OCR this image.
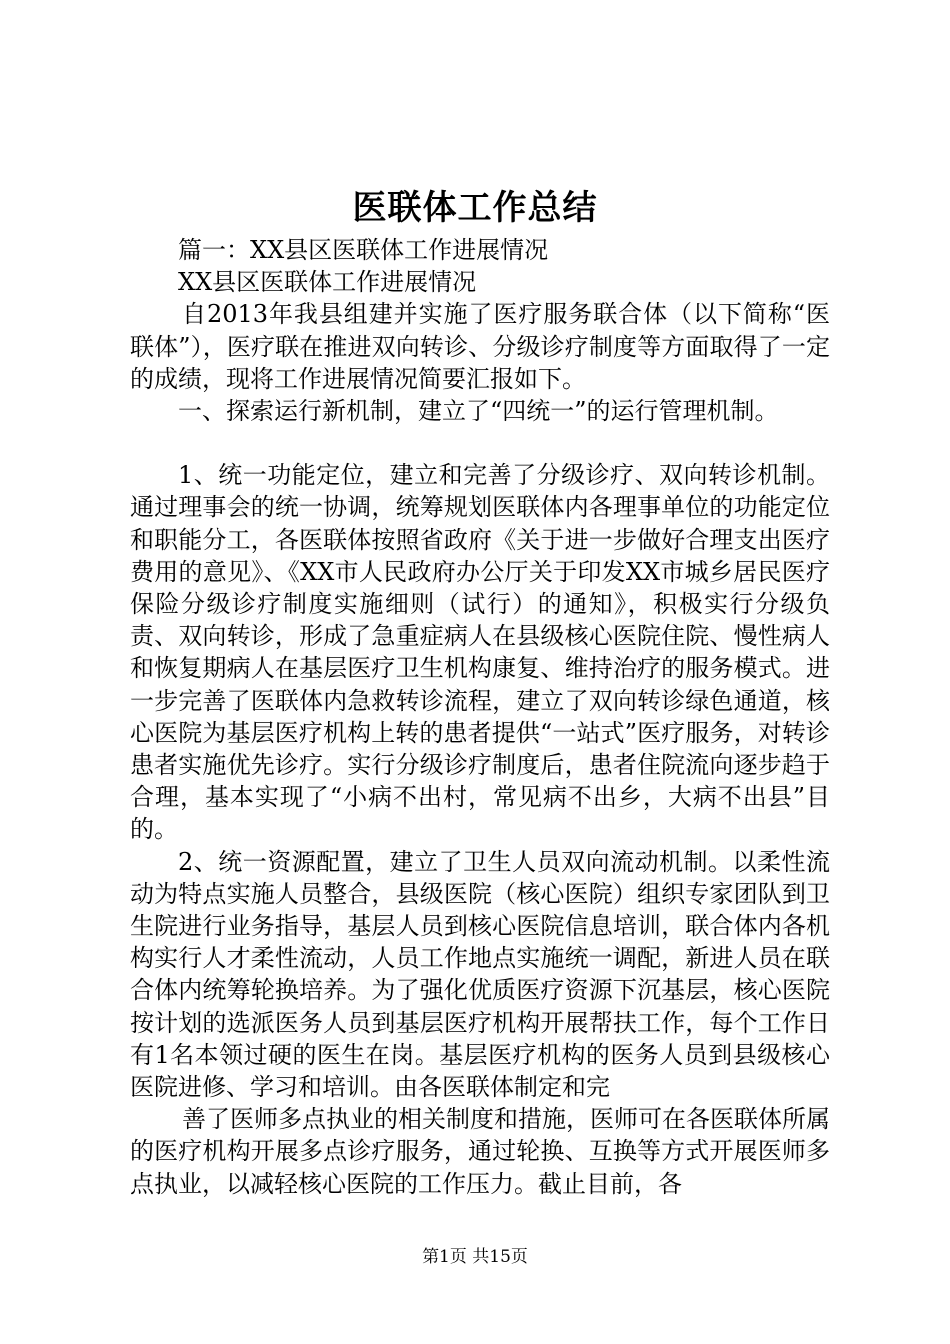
医联体工作总结

篇一：XX县区医联体工作进展情况

XX县区医联体工作进展情况

自2013年我县组建并实施了医疗服务联合体（以下简称“医联体”），医疗联在推进双向转诊、分级诊疗制度等方面取得了一定的成绩，现将工作进展情况简要汇报如下。

一、探索运行新机制，建立了“四统一”的运行管理机制。

1、统一功能定位，建立和完善了分级诊疗、双向转诊机制。通过理事会的统一协调，统筹规划医联体内各理事单位的功能定位和职能分工，各医联体按照省政府《关于进一步做好合理支出医疗费用的意见》、《XX市人民政府办公厅关于印发XX市城乡居民医疗保险分级诊疗制度实施细则（试行）的通知》，积极实行分级负责、双向转诊，形成了急重症病人在县级核心医院住院、慢性病人和恢复期病人在基层医疗卫生机构康复、维持治疗的服务模式。进一步完善了医联体内急救转诊流程，建立了双向转诊绿色通道，核心医院为基层医疗机构上转的患者提供“一站式”医疗服务，对转诊患者实施优先诊疗。实行分级诊疗制度后，患者住院流向逐步趋于合理，基本实现了“小病不出村，常见病不出乡，大病不出县”目的。

2、统一资源配置，建立了卫生人员双向流动机制。以柔性流动为特点实施人员整合，县级医院（核心医院）组织专家团队到卫生院进行业务指导，基层人员到核心医院信息培训，联合体内各机构实行人才柔性流动，人员工作地点实施统一调配，新进人员在联合体内统筹轮换培养。为了强化优质医疗资源下沉基层，核心医院按计划的选派医务人员到基层医疗机构开展帮扶工作，每个工作日有1名本领过硬的医生在岗。基层医疗机构的医务人员到县级核心医院进修、学习和培训。由各医联体制定和完

善了医师多点执业的相关制度和措施，医师可在各医联体所属的医疗机构开展多点诊疗服务，通过轮换、互换等方式开展医师多点执业，以减轻核心医院的工作压力。截止目前，各

第1页 共15页
